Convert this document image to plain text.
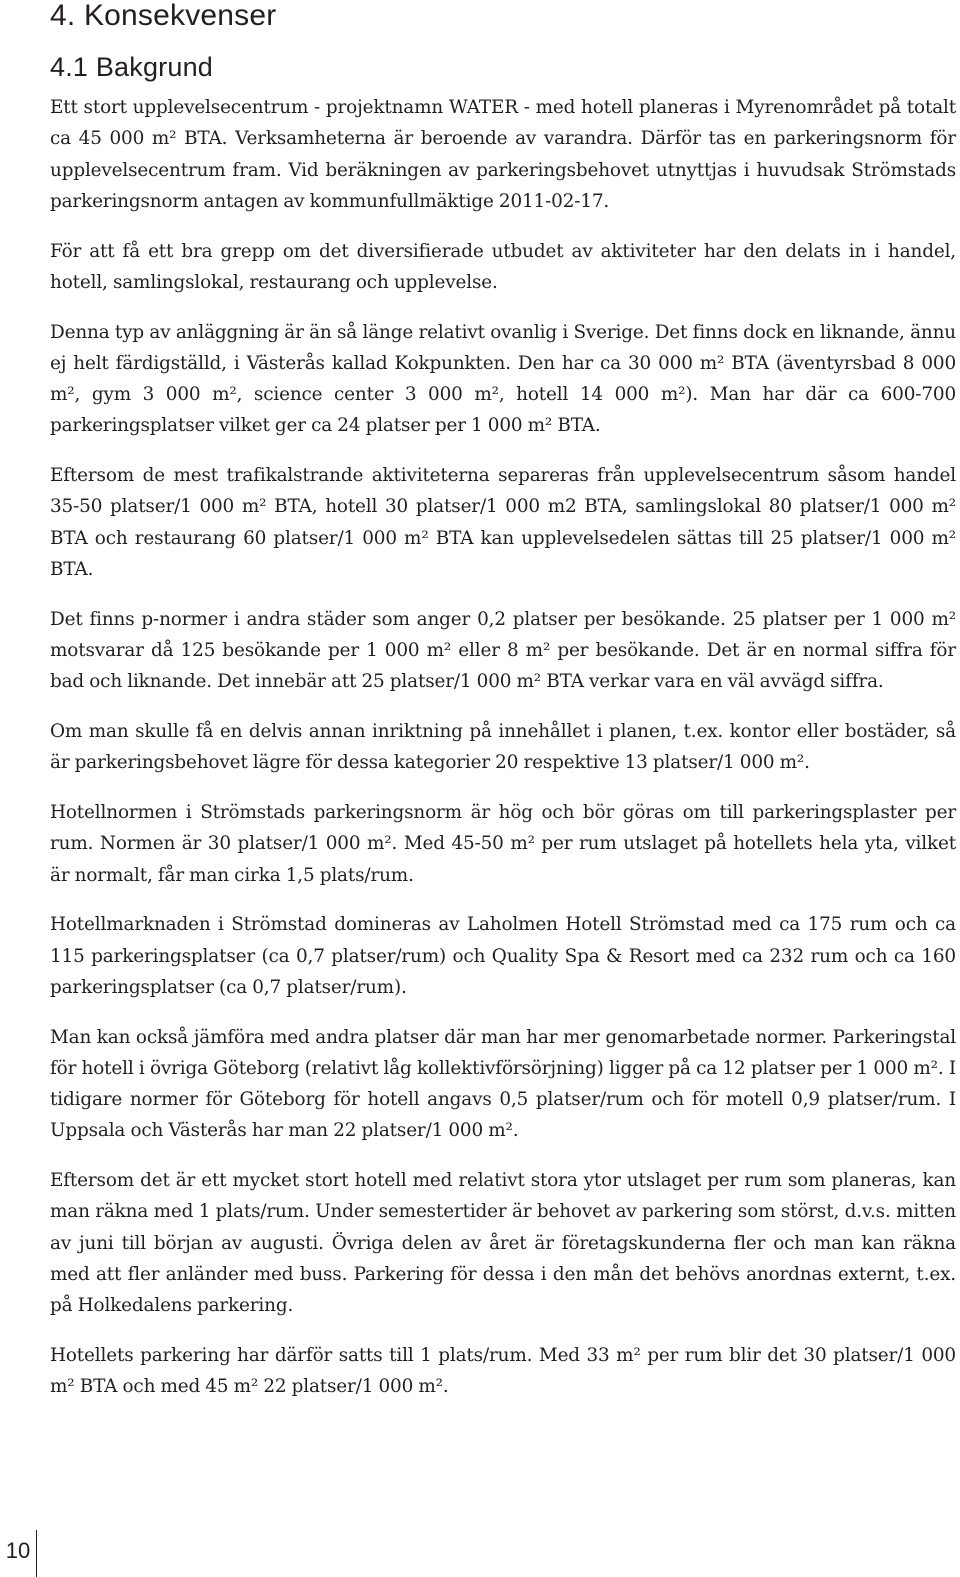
4. Konsekvenser
4.1 Bakgrund

Ett stort upplevelsecentrum - projektnamn WATER - med hotell planeras i Myrenområdet på totalt ca 45 000 m² BTA. Verksamheterna är beroende av varandra. Därför tas en parkeringsnorm för upplevelsecentrum fram. Vid beräkningen av parkeringsbehovet utnyttjas i huvudsak Strömstads parkeringsnorm antagen av kommunfullmäktige 2011-02-17.

För att få ett bra grepp om det diversifierade utbudet av aktiviteter har den delats in i handel, hotell, samlingslokal, restaurang och upplevelse.

Denna typ av anläggning är än så länge relativt ovanlig i Sverige. Det finns dock en liknande, ännu ej helt färdigställd, i Västerås kallad Kokpunkten. Den har ca 30 000 m² BTA (äventyrsbad 8 000 m², gym 3 000 m², science center 3 000 m², hotell 14 000 m²). Man har där ca 600-700 parkeringsplatser vilket ger ca 24 platser per 1 000 m² BTA.

Eftersom de mest trafikalstrande aktiviteterna separeras från upplevelsecentrum såsom handel 35-50 platser/1 000 m² BTA, hotell 30 platser/1 000 m2 BTA, samlingslokal 80 platser/1 000 m² BTA och restaurang 60 platser/1 000 m² BTA kan upplevelsedelen sättas till 25 platser/1 000 m² BTA.

Det finns p-normer i andra städer som anger 0,2 platser per besökande. 25 platser per 1 000 m² motsvarar då 125 besökande per 1 000 m² eller 8 m² per besökande. Det är en normal siffra för bad och liknande. Det innebär att 25 platser/1 000 m² BTA verkar vara en väl avvägd siffra.

Om man skulle få en delvis annan inriktning på innehållet i planen, t.ex. kontor eller bostäder, så är parkeringsbehovet lägre för dessa kategorier 20 respektive 13 platser/1 000 m².

Hotellnormen i Strömstads parkeringsnorm är hög och bör göras om till parkeringsplaster per rum. Normen är 30 platser/1 000 m². Med 45-50 m² per rum utslaget på hotellets hela yta, vilket är normalt, får man cirka 1,5 plats/rum.

Hotellmarknaden i Strömstad domineras av Laholmen Hotell Strömstad med ca 175 rum och ca 115 parkeringsplatser (ca 0,7 platser/rum) och Quality Spa & Resort med ca 232 rum och ca 160 parkeringsplatser (ca 0,7 platser/rum).

Man kan också jämföra med andra platser där man har mer genomarbetade normer. Parkeringstal för hotell i övriga Göteborg (relativt låg kollektivförsörjning) ligger på ca 12 platser per 1 000 m². I tidigare normer för Göteborg för hotell angavs 0,5 platser/rum och för motell 0,9 platser/rum. I Uppsala och Västerås har man 22 platser/1 000 m².

Eftersom det är ett mycket stort hotell med relativt stora ytor utslaget per rum som planeras, kan man räkna med 1 plats/rum. Under semestertider är behovet av parkering som störst, d.v.s. mitten av juni till början av augusti. Övriga delen av året är företagskunderna fler och man kan räkna med att fler anländer med buss. Parkering för dessa i den mån det behövs anordnas externt, t.ex. på Holkedalens parkering.

Hotellets parkering har därför satts till 1 plats/rum. Med 33 m² per rum blir det 30 platser/1 000 m² BTA och med 45 m² 22 platser/1 000 m².

10
